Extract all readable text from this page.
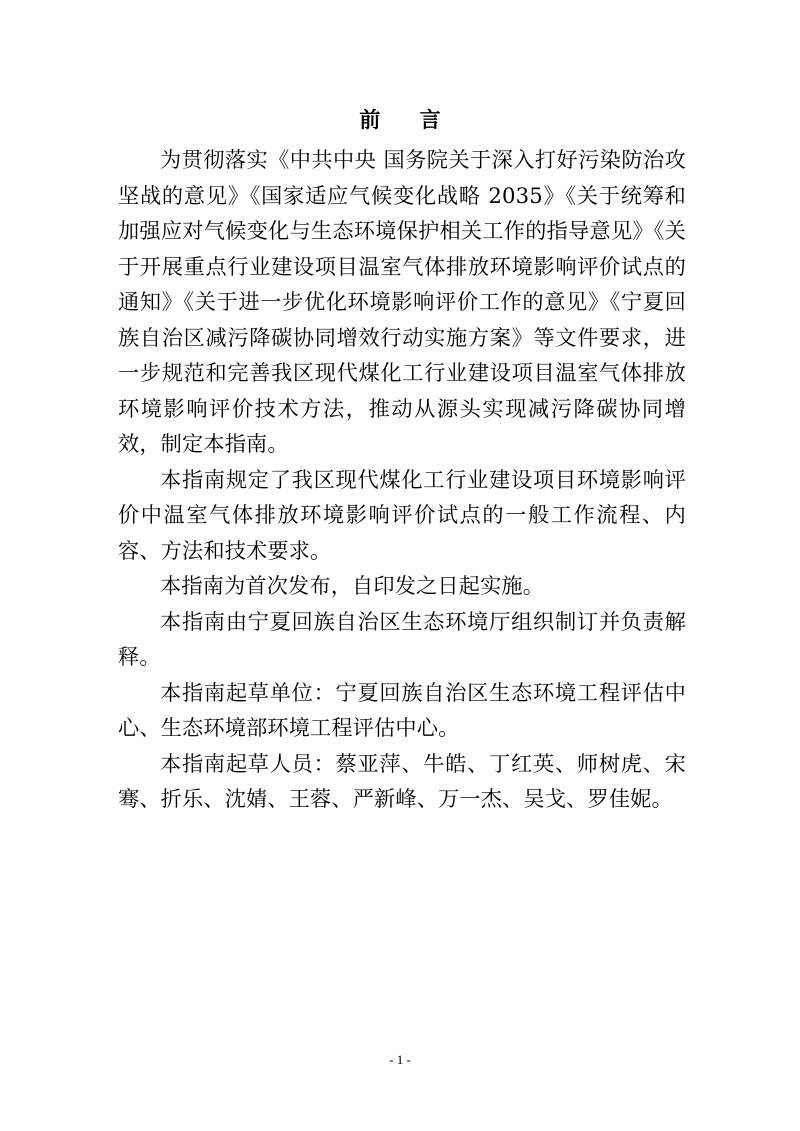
前 言

为贯彻落实《中共中央 国务院关于深入打好污染防治攻坚战的意见》《国家适应气候变化战略 2035》《关于统筹和加强应对气候变化与生态环境保护相关工作的指导意见》《关于开展重点行业建设项目温室气体排放环境影响评价试点的通知》《关于进一步优化环境影响评价工作的意见》《宁夏回族自治区减污降碳协同增效行动实施方案》等文件要求，进一步规范和完善我区现代煤化工行业建设项目温室气体排放环境影响评价技术方法，推动从源头实现减污降碳协同增效，制定本指南。

本指南规定了我区现代煤化工行业建设项目环境影响评价中温室气体排放环境影响评价试点的一般工作流程、内容、方法和技术要求。

本指南为首次发布，自印发之日起实施。

本指南由宁夏回族自治区生态环境厅组织制订并负责解释。

本指南起草单位：宁夏回族自治区生态环境工程评估中心、生态环境部环境工程评估中心。

本指南起草人员：蔡亚萍、牛皓、丁红英、师树虎、宋骞、折乐、沈婧、王蓉、严新峰、万一杰、吴戈、罗佳妮。

- 1 -
